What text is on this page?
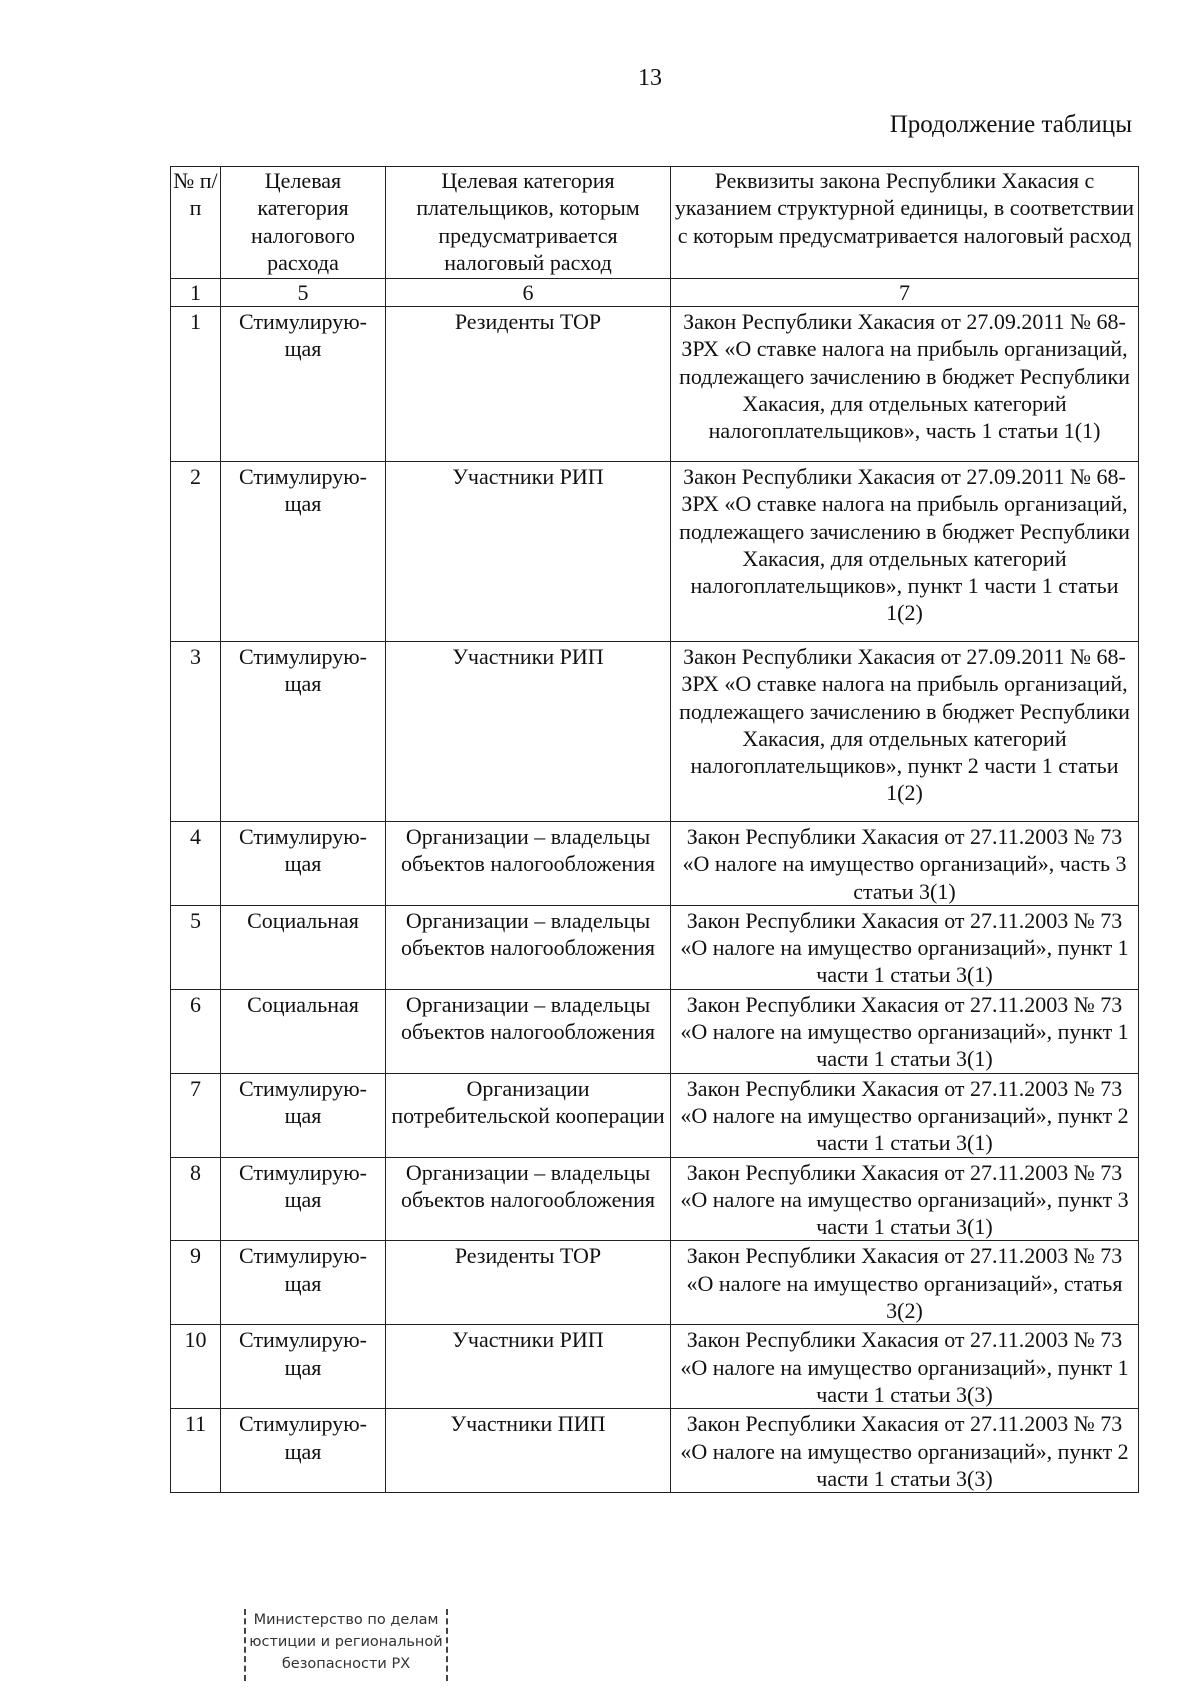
13
Продолжение таблицы
№ п/п	Целевая категория налогового расхода	Целевая категория плательщиков, которым предусматривается налоговый расход	Реквизиты закона Республики Хакасия с указанием структурной единицы, в соответствии с которым предусматривается налоговый расход
1	5	6	7
1	Стимулирую-щая	Резиденты ТОР	Закон Республики Хакасия от 27.09.2011 № 68-ЗРХ «О ставке налога на прибыль организаций, подлежащего зачислению в бюджет Республики Хакасия, для отдельных категорий налогоплательщиков», часть 1 статьи 1(1)
2	Стимулирую-щая	Участники РИП	Закон Республики Хакасия от 27.09.2011 № 68-ЗРХ «О ставке налога на прибыль организаций, подлежащего зачислению в бюджет Республики Хакасия, для отдельных категорий налогоплательщиков», пункт 1 части 1 статьи 1(2)
3	Стимулирую-щая	Участники РИП	Закон Республики Хакасия от 27.09.2011 № 68-ЗРХ «О ставке налога на прибыль организаций, подлежащего зачислению в бюджет Республики Хакасия, для отдельных категорий налогоплательщиков», пункт 2 части 1 статьи 1(2)
4	Стимулирую-щая	Организации – владельцы объектов налогообложения	Закон Республики Хакасия от 27.11.2003 № 73 «О налоге на имущество организаций», часть 3 статьи 3(1)
5	Социальная	Организации – владельцы объектов налогообложения	Закон Республики Хакасия от 27.11.2003 № 73 «О налоге на имущество организаций», пункт 1 части 1 статьи 3(1)
6	Социальная	Организации – владельцы объектов налогообложения	Закон Республики Хакасия от 27.11.2003 № 73 «О налоге на имущество организаций», пункт 1 части 1 статьи 3(1)
7	Стимулирую-щая	Организации потребительской кооперации	Закон Республики Хакасия от 27.11.2003 № 73 «О налоге на имущество организаций», пункт 2 части 1 статьи 3(1)
8	Стимулирую-щая	Организации – владельцы объектов налогообложения	Закон Республики Хакасия от 27.11.2003 № 73 «О налоге на имущество организаций», пункт 3 части 1 статьи 3(1)
9	Стимулирую-щая	Резиденты ТОР	Закон Республики Хакасия от 27.11.2003 № 73 «О налоге на имущество организаций», статья 3(2)
10	Стимулирую-щая	Участники РИП	Закон Республики Хакасия от 27.11.2003 № 73 «О налоге на имущество организаций», пункт 1 части 1 статьи 3(3)
11	Стимулирую-щая	Участники ПИП	Закон Республики Хакасия от 27.11.2003 № 73 «О налоге на имущество организаций», пункт 2 части 1 статьи 3(3)
Министерство по делам
юстиции и региональной
безопасности РХ
